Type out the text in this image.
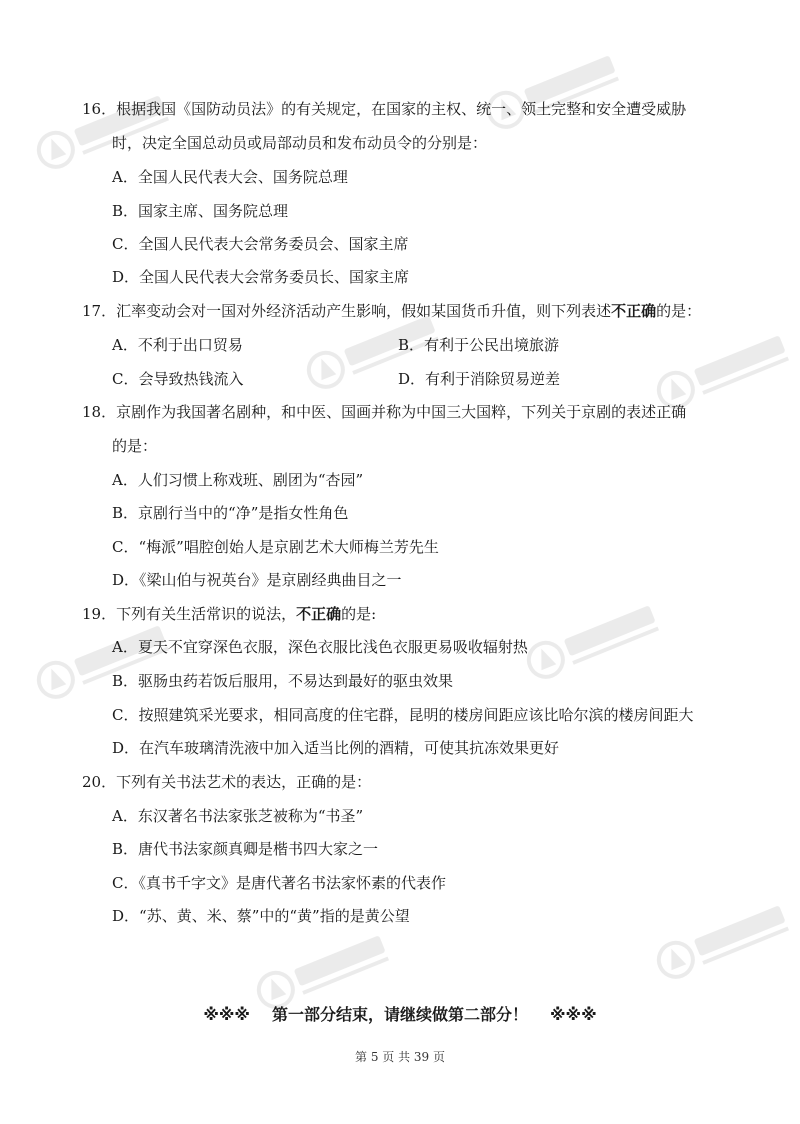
16．根据我国《国防动员法》的有关规定，在国家的主权、统一、领土完整和安全遭受威胁
时，决定全国总动员或局部动员和发布动员令的分别是：
A．全国人民代表大会、国务院总理
B．国家主席、国务院总理
C．全国人民代表大会常务委员会、国家主席
D．全国人民代表大会常务委员长、国家主席
17．汇率变动会对一国对外经济活动产生影响，假如某国货币升值，则下列表述不正确的是：
A．不利于出口贸易	B．有利于公民出境旅游
C．会导致热钱流入	D．有利于消除贸易逆差
18．京剧作为我国著名剧种，和中医、国画并称为中国三大国粹，下列关于京剧的表述正确
的是：
A．人们习惯上称戏班、剧团为“杏园”
B．京剧行当中的“净”是指女性角色
C．“梅派”唱腔创始人是京剧艺术大师梅兰芳先生
D．《梁山伯与祝英台》是京剧经典曲目之一
19．下列有关生活常识的说法，不正确的是:
A．夏天不宜穿深色衣服，深色衣服比浅色衣服更易吸收辐射热
B．驱肠虫药若饭后服用，不易达到最好的驱虫效果
C．按照建筑采光要求，相同高度的住宅群，昆明的楼房间距应该比哈尔滨的楼房间距大
D．在汽车玻璃清洗液中加入适当比例的酒精，可使其抗冻效果更好
20．下列有关书法艺术的表达，正确的是：
A．东汉著名书法家张芝被称为“书圣”
B．唐代书法家颜真卿是楷书四大家之一
C．《真书千字文》是唐代著名书法家怀素的代表作
D．“苏、黄、米、蔡”中的“黄”指的是黄公望
※※※ 第一部分结束，请继续做第二部分！ ※※※
第 5 页 共 39 页
